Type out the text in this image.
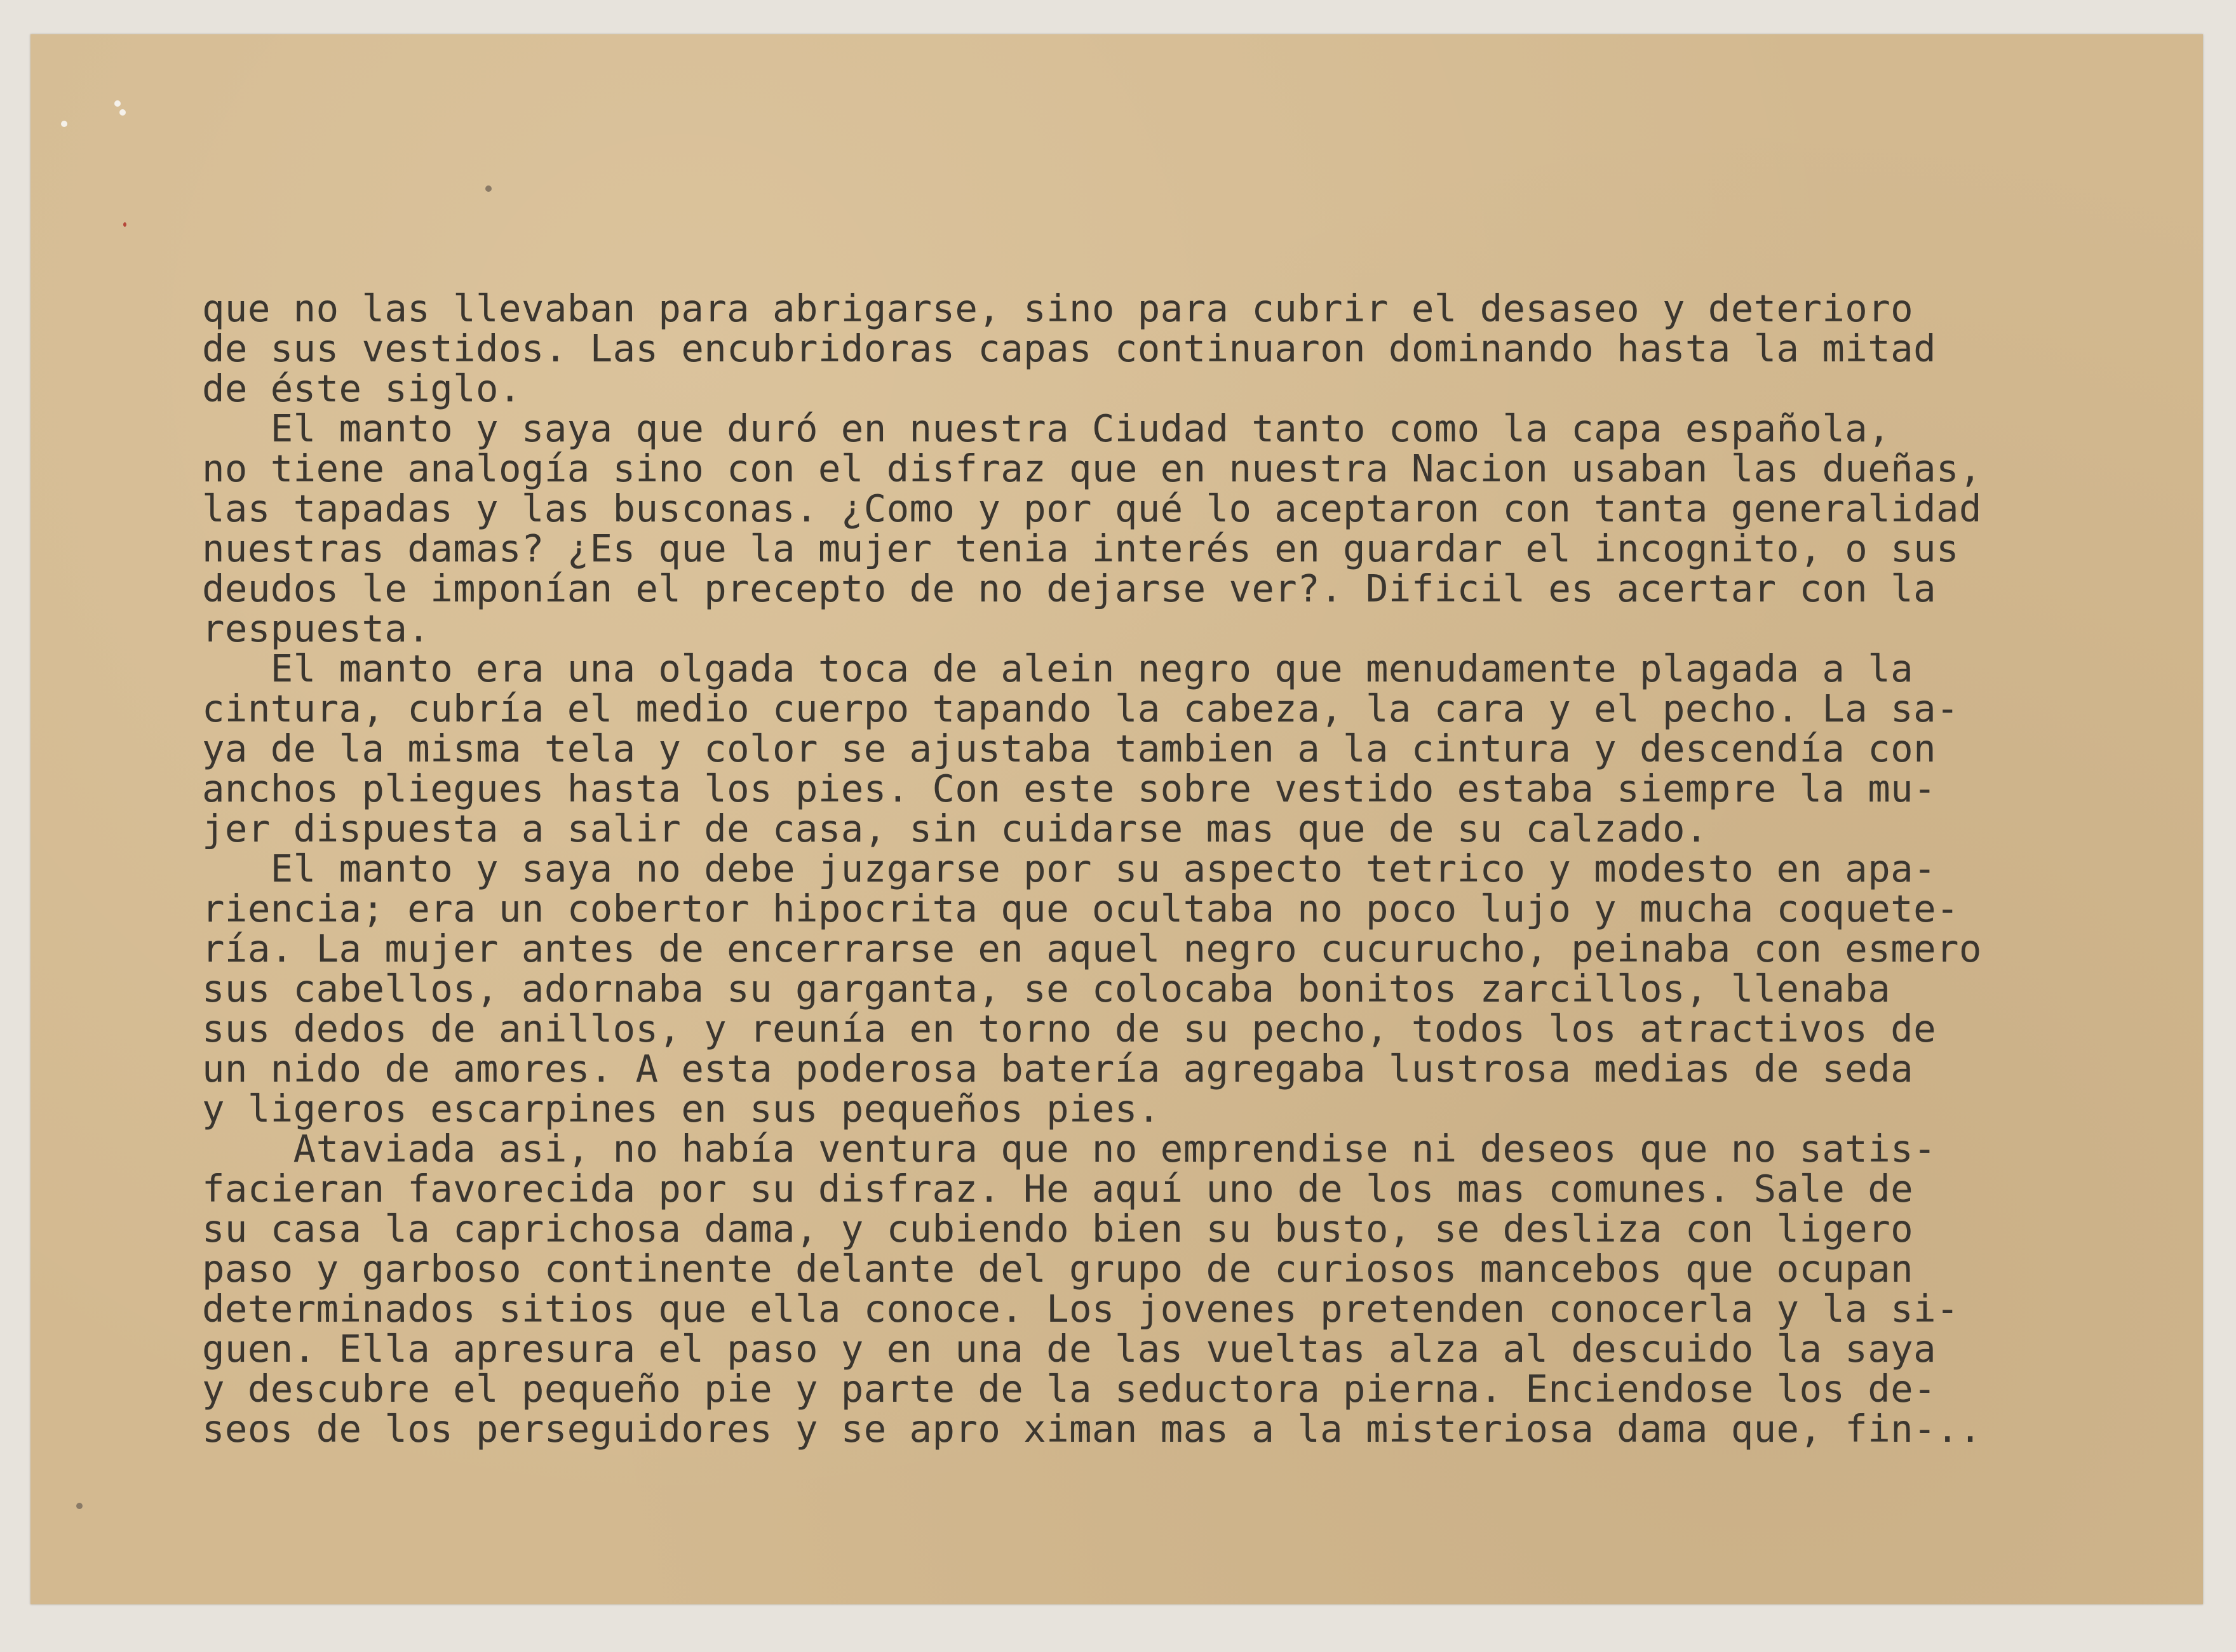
que no las llevaban para abrigarse, sino para cubrir el desaseo y deterioro
de sus vestidos. Las encubridoras capas continuaron dominando hasta la mitad
de éste siglo.
El manto y saya que duró en nuestra Ciudad tanto como la capa española,
no tiene analogía sino con el disfraz que en nuestra Nacion usaban las dueñas,
las tapadas y las busconas. ¿Como y por qué lo aceptaron con tanta generalidad
nuestras damas? ¿Es que la mujer tenia interés en guardar el incognito, o sus
deudos le imponían el precepto de no dejarse ver?. Dificil es acertar con la
respuesta.
El manto era una olgada toca de alein negro que menudamente plagada a la
cintura, cubría el medio cuerpo tapando la cabeza, la cara y el pecho. La sa-
ya de la misma tela y color se ajustaba tambien a la cintura y descendía con
anchos pliegues hasta los pies. Con este sobre vestido estaba siempre la mu-
jer dispuesta a salir de casa, sin cuidarse mas que de su calzado.
El manto y saya no debe juzgarse por su aspecto tetrico y modesto en apa-
riencia; era un cobertor hipocrita que ocultaba no poco lujo y mucha coquete-
ría. La mujer antes de encerrarse en aquel negro cucurucho, peinaba con esmero
sus cabellos, adornaba su garganta, se colocaba bonitos zarcillos, llenaba
sus dedos de anillos, y reunía en torno de su pecho, todos los atractivos de
un nido de amores. A esta poderosa batería agregaba lustrosa medias de seda
y ligeros escarpines en sus pequeños pies.
Ataviada asi, no había ventura que no emprendise ni deseos que no satis-
facieran favorecida por su disfraz. He aquí uno de los mas comunes. Sale de
su casa la caprichosa dama, y cubiendo bien su busto, se desliza con ligero
paso y garboso continente delante del grupo de curiosos mancebos que ocupan
determinados sitios que ella conoce. Los jovenes pretenden conocerla y la si-
guen. Ella apresura el paso y en una de las vueltas alza al descuido la saya
y descubre el pequeño pie y parte de la seductora pierna. Enciendose los de-
seos de los perseguidores y se apro ximan mas a la misteriosa dama que, fin-..
